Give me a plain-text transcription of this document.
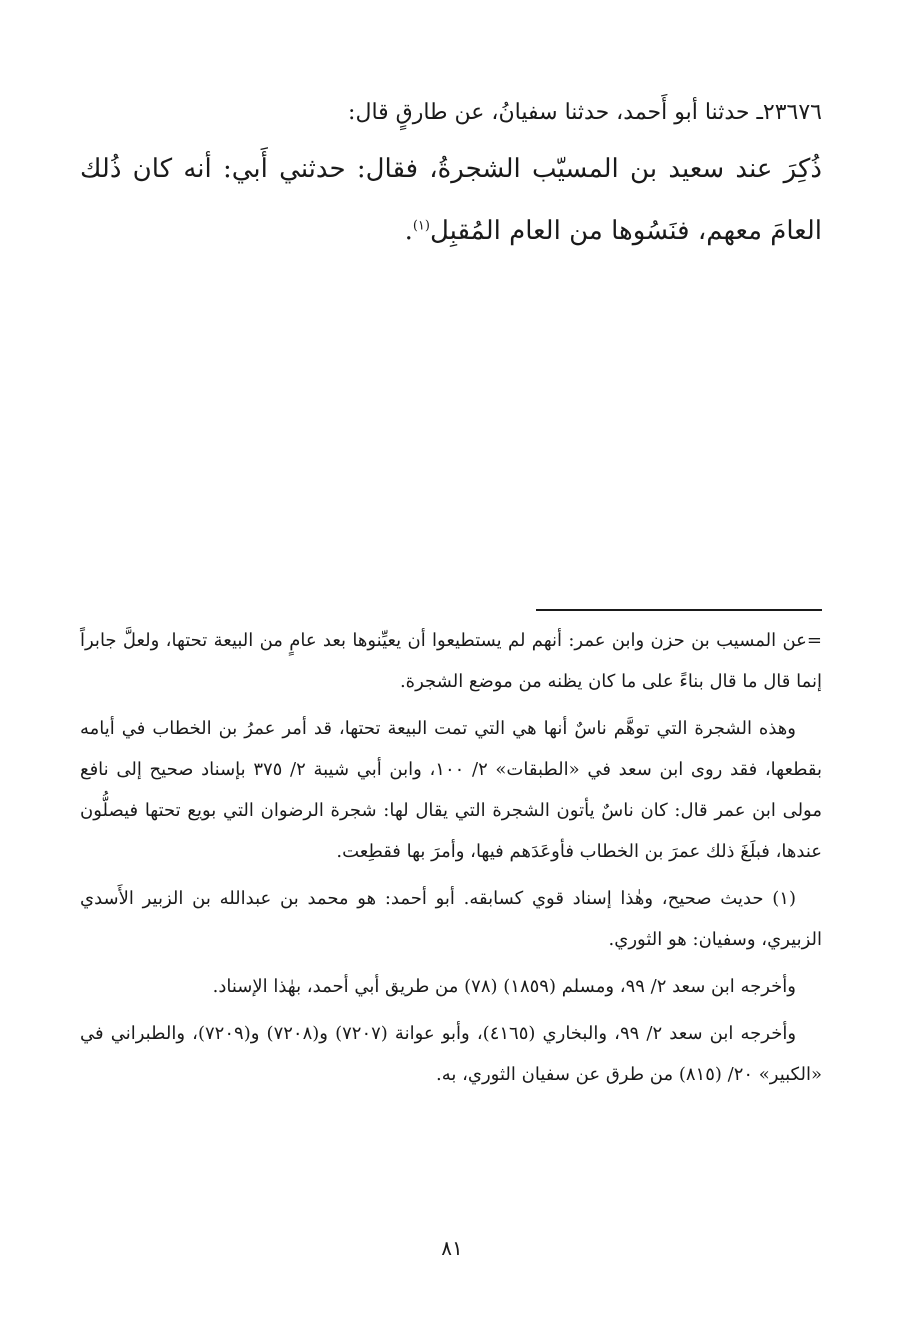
٢٣٦٧٦ـ حدثنا أبو أَحمد، حدثنا سفيانُ، عن طارقٍ قال:

ذُكِرَ عند سعيد بن المسيّب الشجرةُ، فقال: حدثني أَبي: أنه كان ذُلك العامَ معهم، فنَسُوها من العام المُقبِل$^{(١)}$.

=عن المسيب بن حزن وابن عمر: أنهم لم يستطيعوا أن يعيِّنوها بعد عامٍ من البيعة تحتها، ولعلَّ جابراً إنما قال ما قال بناءً على ما كان يظنه من موضع الشجرة.

وهذه الشجرة التي توهَّم ناسٌ أنها هي التي تمت البيعة تحتها، قد أمر عمرُ بن الخطاب في أيامه بقطعها، فقد روى ابن سعد في «الطبقات» ٢/ ١٠٠، وابن أبي شيبة ٢/ ٣٧٥ بإسناد صحيح إلى نافع مولى ابن عمر قال: كان ناسٌ يأتون الشجرة التي يقال لها: شجرة الرضوان التي بويع تحتها فيصلُّون عندها، فبلَغَ ذلك عمرَ بن الخطاب فأوعَدَهم فيها، وأمرَ بها فقطِعت.

(١) حديث صحيح، وهٰذا إسناد قوي كسابقه. أبو أحمد: هو محمد بن عبدالله بن الزبير الأَسدي الزبيري، وسفيان: هو الثوري.

وأخرجه ابن سعد ٢/ ٩٩، ومسلم (١٨٥٩) (٧٨) من طريق أبي أحمد، بهٰذا الإسناد.

وأخرجه ابن سعد ٢/ ٩٩، والبخاري (٤١٦٥)، وأبو عوانة (٧٢٠٧) و(٧٢٠٨) و(٧٢٠٩)، والطبراني في «الكبير» ٢٠/ (٨١٥) من طرق عن سفيان الثوري، به.

٨١
